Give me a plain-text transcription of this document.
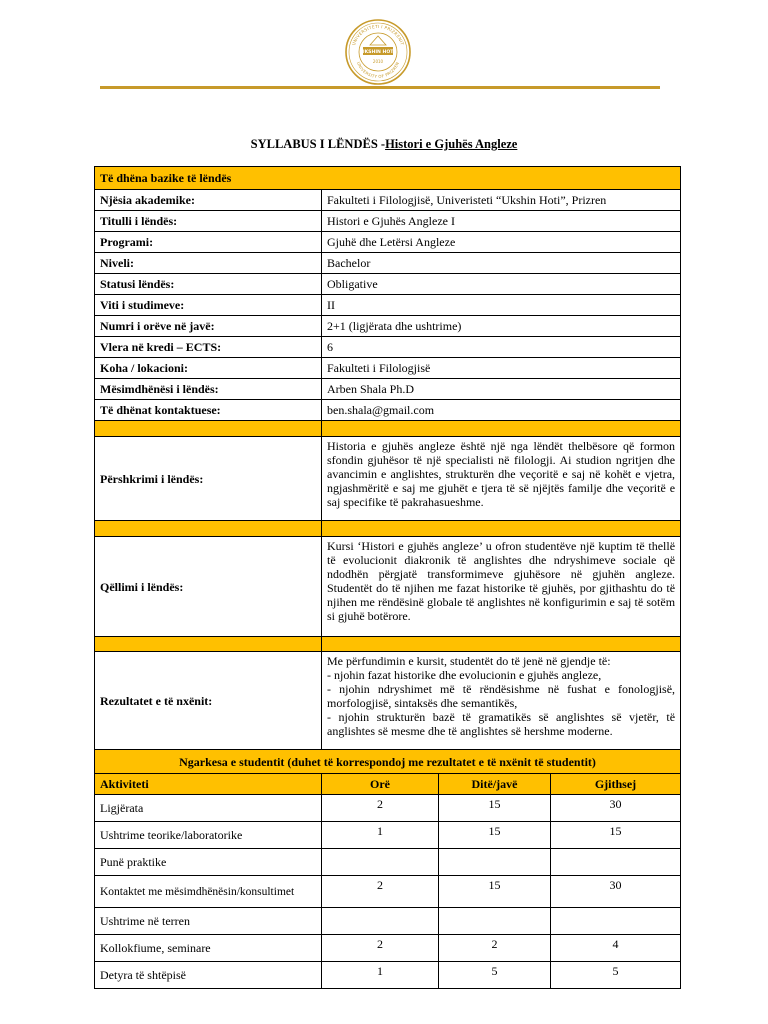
UNIVERSITETI I PRIZRENIT
UNIVERSITY OF PRIZREN
UKSHIN HOTI
2010
SYLLABUS I LËNDËS -Histori e Gjuhës Angleze
Të dhëna bazike të lëndës			
Njësia akademike:	Fakulteti i Filologjisë, Univeristeti “Ukshin Hoti”, Prizren		
Titulli i lëndës:	Histori e Gjuhës Angleze I		
Programi:	Gjuhë dhe Letërsi Angleze		
Niveli:	Bachelor		
Statusi lëndës:	Obligative		
Viti i studimeve:	II		
Numri i orëve në javë:	2+1 (ligjërata dhe ushtrime)		
Vlera në kredi – ECTS:	6		
Koha / lokacioni:	Fakulteti i Filologjisë		
Mësimdhënësi i lëndës:	Arben Shala Ph.D		
Të dhënat kontaktuese:	ben.shala@gmail.com		

Përshkrimi i lëndës:	Historia e gjuhës angleze është një nga lëndët thelbësore që formon sfondin gjuhësor të një specialisti në filologji. Ai studion ngritjen dhe avancimin e anglishtes, strukturën dhe veçoritë e saj në kohët e vjetra, ngjashmëritë e saj me gjuhët e tjera të së njëjtës familje dhe veçoritë e saj specifike të pakrahasueshme.		

Qëllimi i lëndës:	Kursi ‘Histori e gjuhës angleze’ u ofron studentëve një kuptim të thellë të evolucionit diakronik të anglishtes dhe ndryshimeve sociale që ndodhën përgjatë transformimeve gjuhësore në gjuhën angleze. Studentët do të njihen me fazat historike të gjuhës, por gjithashtu do të njihen me rëndësinë globale të anglishtes në konfigurimin e saj të sotëm si gjuhë botërore.		

Rezultatet e të nxënit:	Me përfundimin e kursit, studentët do të jenë në gjendje të:
- njohin fazat historike dhe evolucionin e gjuhës angleze,
- njohin ndryshimet më të rëndësishme në fushat e fonologjisë, morfologjisë, sintaksës dhe semantikës,
- njohin strukturën bazë të gramatikës së anglishtes së vjetër, të anglishtes së mesme dhe të anglishtes së hershme moderne.		

Ngarkesa e studentit (duhet të korrespondoj me rezultatet e të nxënit të studentit)			
Aktiviteti	Orë	Ditë/javë	Gjithsej
Ligjërata	2	15	30
Ushtrime teorike/laboratorike	1	15	15
Punë praktike			
Kontaktet me mësimdhënësin/konsultimet	2	15	30
Ushtrime në terren			
Kollokfiume, seminare	2	2	4
Detyra të shtëpisë	1	5	5
